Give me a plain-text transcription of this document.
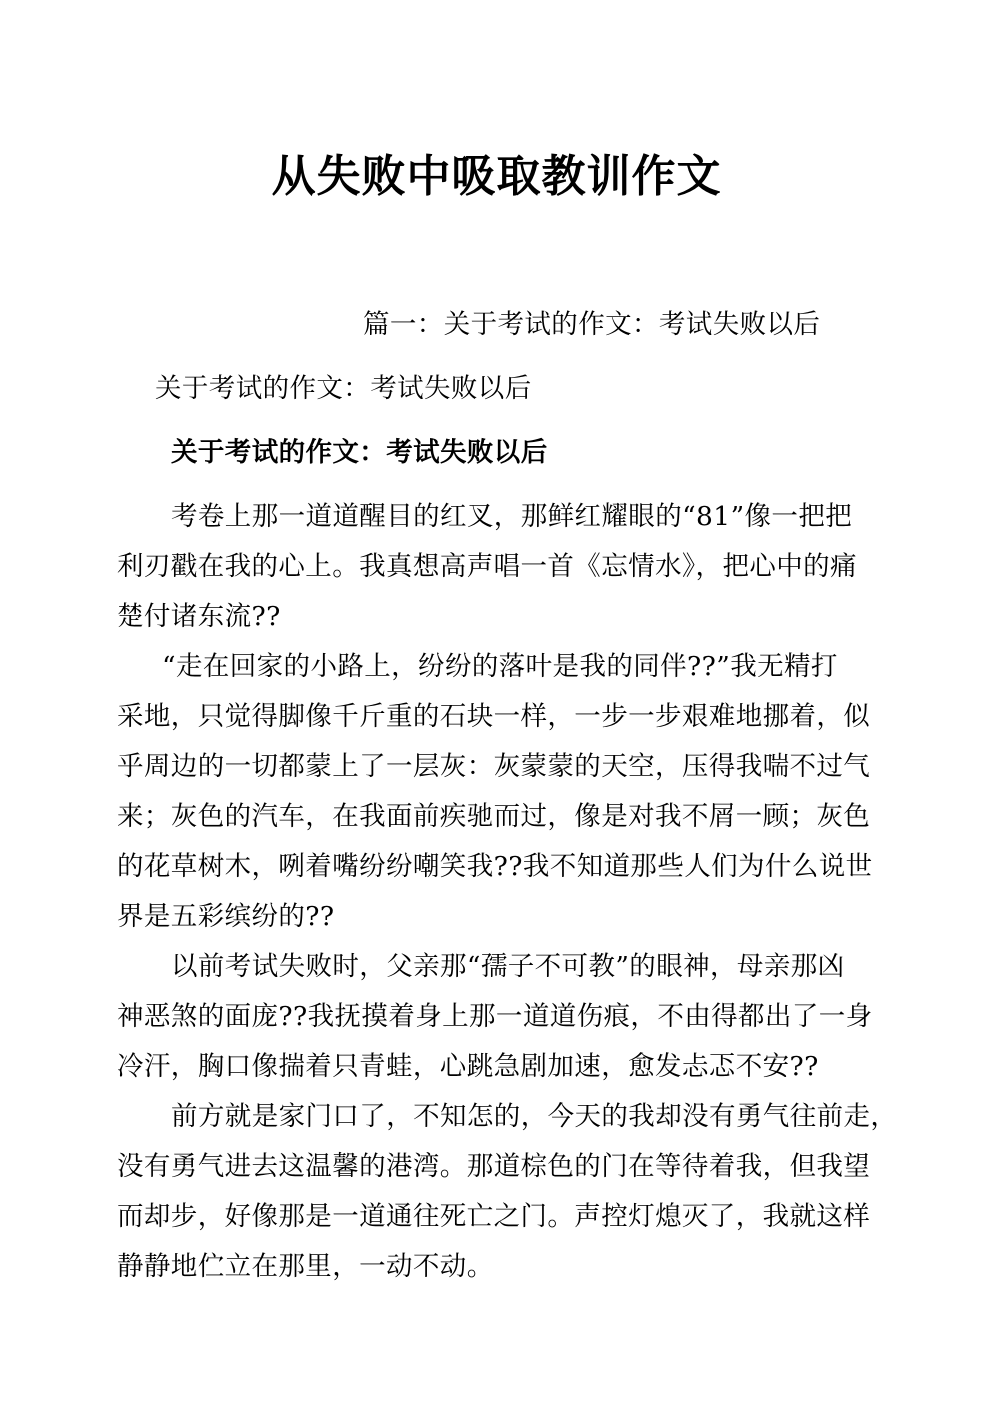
从失败中吸取教训作文
篇一：关于考试的作文：考试失败以后
关于考试的作文：考试失败以后
关于考试的作文：考试失败以后
考卷上那一道道醒目的红叉，那鲜红耀眼的“81”像一把把
利刃戳在我的心上。我真想高声唱一首《忘情水》，把心中的痛
楚付诸东流??
“走在回家的小路上，纷纷的落叶是我的同伴??”我无精打
采地，只觉得脚像千斤重的石块一样，一步一步艰难地挪着，似
乎周边的一切都蒙上了一层灰：灰蒙蒙的天空，压得我喘不过气
来；灰色的汽车，在我面前疾驰而过，像是对我不屑一顾；灰色
的花草树木，咧着嘴纷纷嘲笑我??我不知道那些人们为什么说世
界是五彩缤纷的??
以前考试失败时，父亲那“孺子不可教”的眼神，母亲那凶
神恶煞的面庞??我抚摸着身上那一道道伤痕，不由得都出了一身
冷汗，胸口像揣着只青蛙，心跳急剧加速，愈发忐忑不安??
前方就是家门口了，不知怎的，今天的我却没有勇气往前走，
没有勇气进去这温馨的港湾。那道棕色的门在等待着我，但我望
而却步，好像那是一道通往死亡之门。声控灯熄灭了，我就这样
静静地伫立在那里，一动不动。
